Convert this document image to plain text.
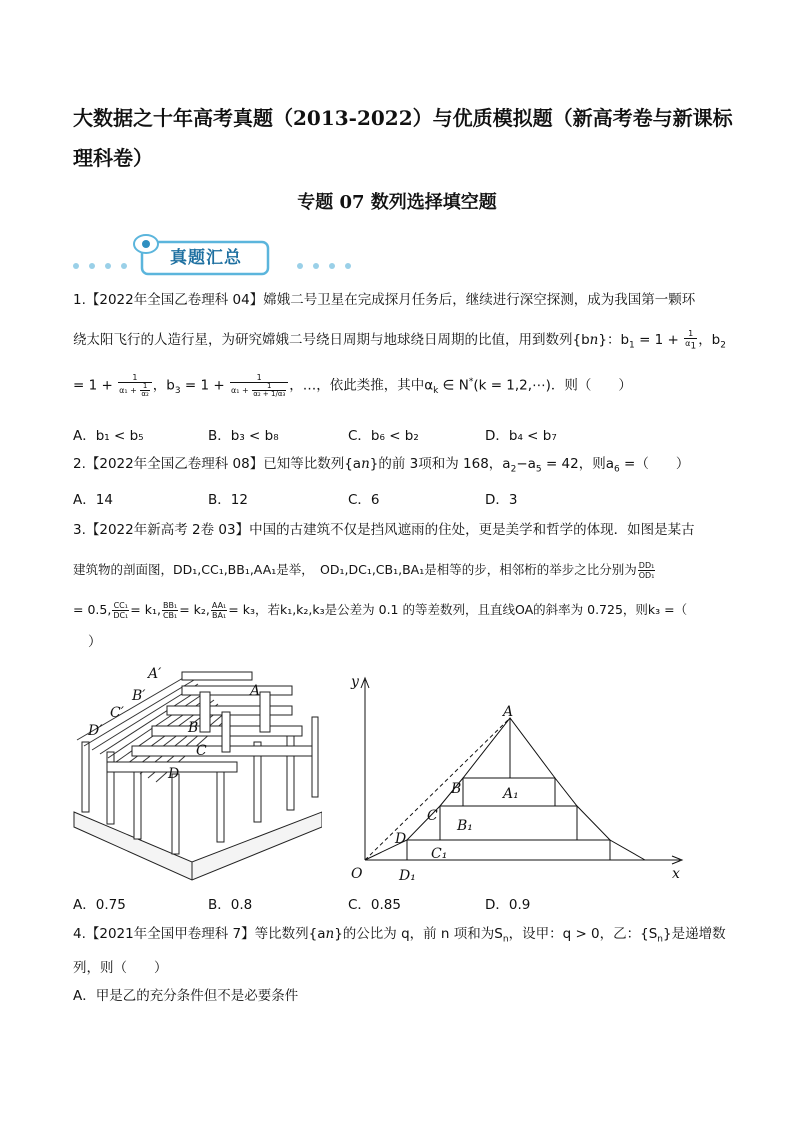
大数据之十年高考真题（2013-2022）与优质模拟题（新高考卷与新课标理科卷）
专题 07 数列选择填空题
真题汇总
1.【2022年全国乙卷理科 04】嫦娥二号卫星在完成探月任务后，继续进行深空探测，成为我国第一颗环
绕太阳飞行的人造行星，为研究嫦娥二号绕日周期与地球绕日周期的比值，用到数列{bn}：$b_1 = 1 + \frac{1}{\alpha_1}$ ，$b_2$
= $1 + \frac{1}{\alpha_1 + \frac{1}{\text{α₂}}}$ ，$b_3 = 1 + \frac{1}{\alpha_1 + \frac{1}{\text{α₂ + 1/α₃}}}$ ，…，依此类推，其中$\alpha_k$ ∈ N*(k = 1,2,⋯)．则（　　）
A．b₁ < b₅	B．b₃ < b₈	C．b₆ < b₂	D．b₄ < b₇
2.【2022年全国乙卷理科 08】已知等比数列{an}的前 3项和为 168，$a_2-a_5 = 42$，则$a_6$ =（　　）
A．14	B．12	C．6	D．3
3.【2022年新高考 2卷 03】中国的古建筑不仅是挡风遮雨的住处，更是美学和哲学的体现．如图是某古
建筑物的剖面图，DD₁,CC₁,BB₁,AA₁是举，　OD₁,DC₁,CB₁,BA₁是相等的步，相邻桁的举步之比分别为 $\frac{\text{DD₁}}{\text{OD₁}}$
= 0.5, $\frac{\text{CC₁}}{\text{DC₁}} = k_1$, $\frac{\text{BB₁}}{\text{CB₁}} = k_2$, $\frac{\text{AA₁}}{\text{BA₁}} = k_3$，若k₁,k₂,k₃是公差为 0.1 的等差数列，且直线OA的斜率为 0.725，则k₃ =（
）
A′
A
B′
B
C′
C
D′
D
y
x
O
A
B
C
D
A₁
B₁
C₁
D₁
A．0.75	B．0.8	C．0.85	D．0.9
4.【2021年全国甲卷理科 7】等比数列{an}的公比为 q，前 n 项和为$S_n$，设甲：q > 0，乙：$\{S_n\}$是递增数
列，则（　　）
A．甲是乙的充分条件但不是必要条件
